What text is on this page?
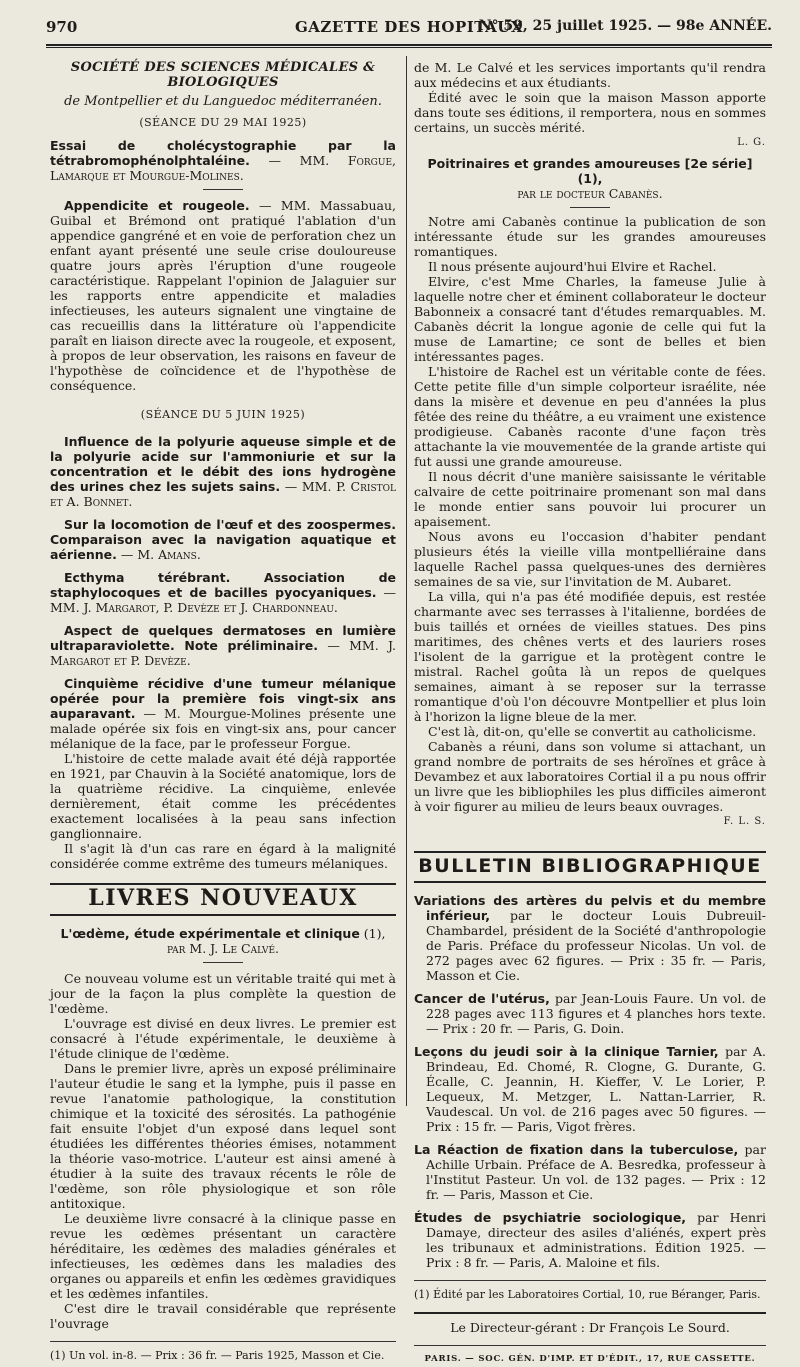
970	GAZETTE DES HOPITAUX
N° 59, 25 juillet 1925. — 98e ANNÉE.
SOCIÉTÉ DES SCIENCES MÉDICALES & BIOLOGIQUES
de Montpellier et du Languedoc méditerranéen.
(SÉANCE DU 29 MAI 1925)

Essai de cholécystographie par la tétrabromophénolphtaléine. — MM. Forgue, Lamarque et Mourgue-Molines.

Appendicite et rougeole. — MM. Massabuau, Guibal et Brémond ont pratiqué l'ablation d'un appendice gangréné et en voie de perforation chez un enfant ayant présenté une seule crise douloureuse quatre jours après l'éruption d'une rougeole caractéristique. Rappelant l'opinion de Jalaguier sur les rapports entre appendicite et maladies infectieuses, les auteurs signalent une vingtaine de cas recueillis dans la littérature où l'appendicite paraît en liaison directe avec la rougeole, et exposent, à propos de leur observation, les raisons en faveur de l'hypothèse de coïncidence et de l'hypothèse de conséquence.

(SÉANCE DU 5 JUIN 1925)

Influence de la polyurie aqueuse simple et de la polyurie acide sur l'ammoniurie et sur la concentration et le débit des ions hydrogène des urines chez les sujets sains. — MM. P. Cristol et A. Bonnet.

Sur la locomotion de l'œuf et des zoospermes. Comparaison avec la navigation aquatique et aérienne. — M. Amans.

Ecthyma térébrant. Association de staphylocoques et de bacilles pyocyaniques. — MM. J. Margarot, P. Devèze et J. Chardonneau.

Aspect de quelques dermatoses en lumière ultraparaviolette. Note préliminaire. — MM. J. Margarot et P. Devèze.

Cinquième récidive d'une tumeur mélanique opérée pour la première fois vingt-six ans auparavant. — M. Mourgue-Molines présente une malade opérée six fois en vingt-six ans, pour cancer mélanique de la face, par le professeur Forgue.

L'histoire de cette malade avait été déjà rapportée en 1921, par Chauvin à la Société anatomique, lors de la quatrième récidive. La cinquième, enlevée dernièrement, était comme les précédentes exactement localisées à la peau sans infection ganglionnaire.

Il s'agit là d'un cas rare en égard à la malignité considérée comme extrême des tumeurs mélaniques.

LIVRES NOUVEAUX
L'œdème, étude expérimentale et clinique (1),
par M. J. Le Calvé.

Ce nouveau volume est un véritable traité qui met à jour de la façon la plus complète la question de l'œdème.

L'ouvrage est divisé en deux livres. Le premier est consacré à l'étude expérimentale, le deuxième à l'étude clinique de l'œdème.

Dans le premier livre, après un exposé préliminaire l'auteur étudie le sang et la lymphe, puis il passe en revue l'anatomie pathologique, la constitution chimique et la toxicité des sérosités. La pathogénie fait ensuite l'objet d'un exposé dans lequel sont étudiées les différentes théories émises, notamment la théorie vaso-motrice. L'auteur est ainsi amené à étudier à la suite des travaux récents le rôle de l'œdème, son rôle physiologique et son rôle antitoxique.

Le deuxième livre consacré à la clinique passe en revue les œdèmes présentant un caractère héréditaire, les œdèmes des maladies générales et infectieuses, les œdèmes dans les maladies des organes ou appareils et enfin les œdèmes gravidiques et les œdèmes infantiles.

C'est dire le travail considérable que représente l'ouvrage

(1) Un vol. in-8. — Prix : 36 fr. — Paris 1925, Masson et Cie.

de M. Le Calvé et les services importants qu'il rendra aux médecins et aux étudiants.

Édité avec le soin que la maison Masson apporte dans toute ses éditions, il remportera, nous en sommes certains, un succès mérité.

L. G.
Poitrinaires et grandes amoureuses [2e série] (1),
par le docteur Cabanès.

Notre ami Cabanès continue la publication de son intéressante étude sur les grandes amoureuses romantiques.

Il nous présente aujourd'hui Elvire et Rachel.

Elvire, c'est Mme Charles, la fameuse Julie à laquelle notre cher et éminent collaborateur le docteur Babonneix a consacré tant d'études remarquables. M. Cabanès décrit la longue agonie de celle qui fut la muse de Lamartine; ce sont de belles et bien intéressantes pages.

L'histoire de Rachel est un véritable conte de fées. Cette petite fille d'un simple colporteur israélite, née dans la misère et devenue en peu d'années la plus fêtée des reine du théâtre, a eu vraiment une existence prodigieuse. Cabanès raconte d'une façon très attachante la vie mouvementée de la grande artiste qui fut aussi une grande amoureuse.

Il nous décrit d'une manière saisissante le véritable calvaire de cette poitrinaire promenant son mal dans le monde entier sans pouvoir lui procurer un apaisement.

Nous avons eu l'occasion d'habiter pendant plusieurs étés la vieille villa montpelliéraine dans laquelle Rachel passa quelques-unes des dernières semaines de sa vie, sur l'invitation de M. Aubaret.

La villa, qui n'a pas été modifiée depuis, est restée charmante avec ses terrasses à l'italienne, bordées de buis taillés et ornées de vieilles statues. Des pins maritimes, des chênes verts et des lauriers roses l'isolent de la garrigue et la protègent contre le mistral. Rachel goûta là un repos de quelques semaines, aimant à se reposer sur la terrasse romantique d'où l'on découvre Montpellier et plus loin à l'horizon la ligne bleue de la mer.

C'est là, dit-on, qu'elle se convertit au catholicisme.

Cabanès a réuni, dans son volume si attachant, un grand nombre de portraits de ses héroïnes et grâce à Devambez et aux laboratoires Cortial il a pu nous offrir un livre que les bibliophiles les plus difficiles aimeront à voir figurer au milieu de leurs beaux ouvrages.

F. L. S.
BULLETIN BIBLIOGRAPHIQUE
Variations des artères du pelvis et du membre inférieur, par le docteur Louis Dubreuil-Chambardel, président de la Société d'anthropologie de Paris. Préface du professeur Nicolas. Un vol. de 272 pages avec 62 figures. — Prix : 35 fr. — Paris, Masson et Cie.
Cancer de l'utérus, par Jean-Louis Faure. Un vol. de 228 pages avec 113 figures et 4 planches hors texte. — Prix : 20 fr. — Paris, G. Doin.
Leçons du jeudi soir à la clinique Tarnier, par A. Brindeau, Ed. Chomé, R. Clogne, G. Durante, G. Écalle, C. Jeannin, H. Kieffer, V. Le Lorier, P. Lequeux, M. Metzger, L. Nattan-Larrier, R. Vaudescal. Un vol. de 216 pages avec 50 figures. — Prix : 15 fr. — Paris, Vigot frères.
La Réaction de fixation dans la tuberculose, par Achille Urbain. Préface de A. Besredka, professeur à l'Institut Pasteur. Un vol. de 132 pages. — Prix : 12 fr. — Paris, Masson et Cie.
Études de psychiatrie sociologique, par Henri Damaye, directeur des asiles d'aliénés, expert près les tribunaux et administrations. Édition 1925. — Prix : 8 fr. — Paris, A. Maloine et fils.
(1) Édité par les Laboratoires Cortial, 10, rue Béranger, Paris.
Le Directeur-gérant : Dr François Le Sourd.
PARIS. — SOC. GÉN. D'IMP. ET D'ÉDIT., 17, RUE CASSETTE.
